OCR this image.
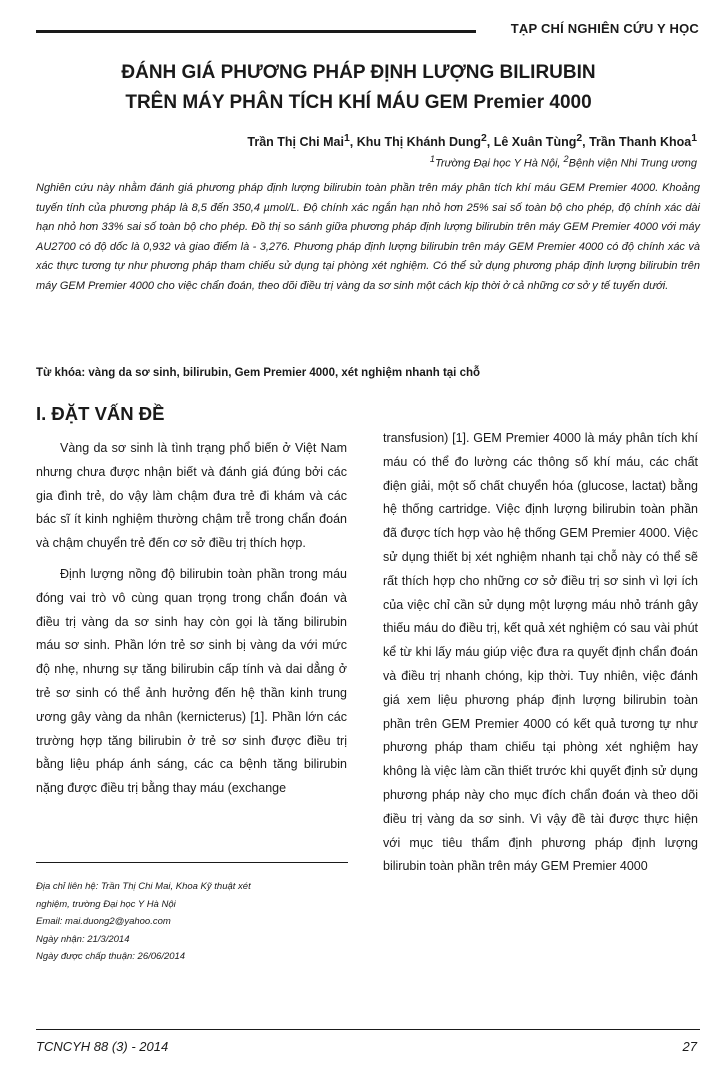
TẠP CHÍ NGHIÊN CỨU Y HỌC
ĐÁNH GIÁ PHƯƠNG PHÁP ĐỊNH LƯỢNG BILIRUBIN
TRÊN MÁY PHÂN TÍCH KHÍ MÁU GEM Premier 4000
Trần Thị Chi Mai$^1$, Khu Thị Khánh Dung$^2$, Lê Xuân Tùng$^2$, Trần Thanh Khoa$^1$
$^1$Trường Đại học Y Hà Nội, $^2$Bệnh viện Nhi Trung ương

Nghiên cứu này nhằm đánh giá phương pháp định lượng bilirubin toàn phần trên máy phân tích khí máu GEM Premier 4000. Khoảng tuyến tính của phương pháp là 8,5 đến 350,4 µmol/L. Độ chính xác ngắn hạn nhỏ hơn 25% sai số toàn bộ cho phép, độ chính xác dài hạn nhỏ hơn 33% sai số toàn bộ cho phép. Đồ thị so sánh giữa phương pháp định lượng bilirubin trên máy GEM Premier 4000 với máy AU2700 có độ dốc là 0,932 và giao điểm là - 3,276. Phương pháp định lượng bilirubin trên máy GEM Premier 4000 có độ chính xác và xác thực tương tự như phương pháp tham chiếu sử dụng tại phòng xét nghiệm. Có thể sử dụng phương pháp định lượng bilirubin trên máy GEM Premier 4000 cho việc chẩn đoán, theo dõi điều trị vàng da sơ sinh một cách kịp thời ở cả những cơ sở y tế tuyến dưới.

Từ khóa: vàng da sơ sinh, bilirubin, Gem Premier 4000, xét nghiệm nhanh tại chỗ
I. ĐẶT VẤN ĐỀ

Vàng da sơ sinh là tình trạng phổ biến ở Việt Nam nhưng chưa được nhận biết và đánh giá đúng bởi các gia đình trẻ, do vậy làm chậm đưa trẻ đi khám và các bác sĩ ít kinh nghiệm thường chậm trễ trong chẩn đoán và chậm chuyển trẻ đến cơ sở điều trị thích hợp.

Định lượng nồng độ bilirubin toàn phần trong máu đóng vai trò vô cùng quan trọng trong chẩn đoán và điều trị vàng da sơ sinh hay còn gọi là tăng bilirubin máu sơ sinh. Phần lớn trẻ sơ sinh bị vàng da với mức độ nhẹ, nhưng sự tăng bilirubin cấp tính và dai dẳng ở trẻ sơ sinh có thể ảnh hưởng đến hệ thần kinh trung ương gây vàng da nhân (kernicterus) [1]. Phần lớn các trường hợp tăng bilirubin ở trẻ sơ sinh được điều trị bằng liệu pháp ánh sáng, các ca bệnh tăng bilirubin nặng được điều trị bằng thay máu (exchange

transfusion) [1]. GEM Premier 4000 là máy phân tích khí máu có thể đo lường các thông số khí máu, các chất điện giải, một số chất chuyển hóa (glucose, lactat) bằng hệ thống cartridge. Việc định lượng bilirubin toàn phần đã được tích hợp vào hệ thống GEM Premier 4000. Việc sử dụng thiết bị xét nghiệm nhanh tại chỗ này có thể sẽ rất thích hợp cho những cơ sở điều trị sơ sinh vì lợi ích của việc chỉ cần sử dụng một lượng máu nhỏ tránh gây thiếu máu do điều trị, kết quả xét nghiệm có sau vài phút kể từ khi lấy máu giúp việc đưa ra quyết định chẩn đoán và điều trị nhanh chóng, kịp thời. Tuy nhiên, việc đánh giá xem liệu phương pháp định lượng bilirubin toàn phần trên GEM Premier 4000 có kết quả tương tự như phương pháp tham chiếu tại phòng xét nghiệm hay không là việc làm cần thiết trước khi quyết định sử dụng phương pháp này cho mục đích chẩn đoán và theo dõi điều trị vàng da sơ sinh. Vì vậy đề tài được thực hiện với mục tiêu thẩm định phương pháp định lượng bilirubin toàn phần trên máy GEM Premier 4000

Địa chỉ liên hệ: Trần Thị Chi Mai, Khoa Kỹ thuật xét
nghiệm, trường Đại học Y Hà Nội
Email: mai.duong2@yahoo.com
Ngày nhận: 21/3/2014
Ngày được chấp thuận: 26/06/2014
TCNCYH 88 (3) - 2014	27
